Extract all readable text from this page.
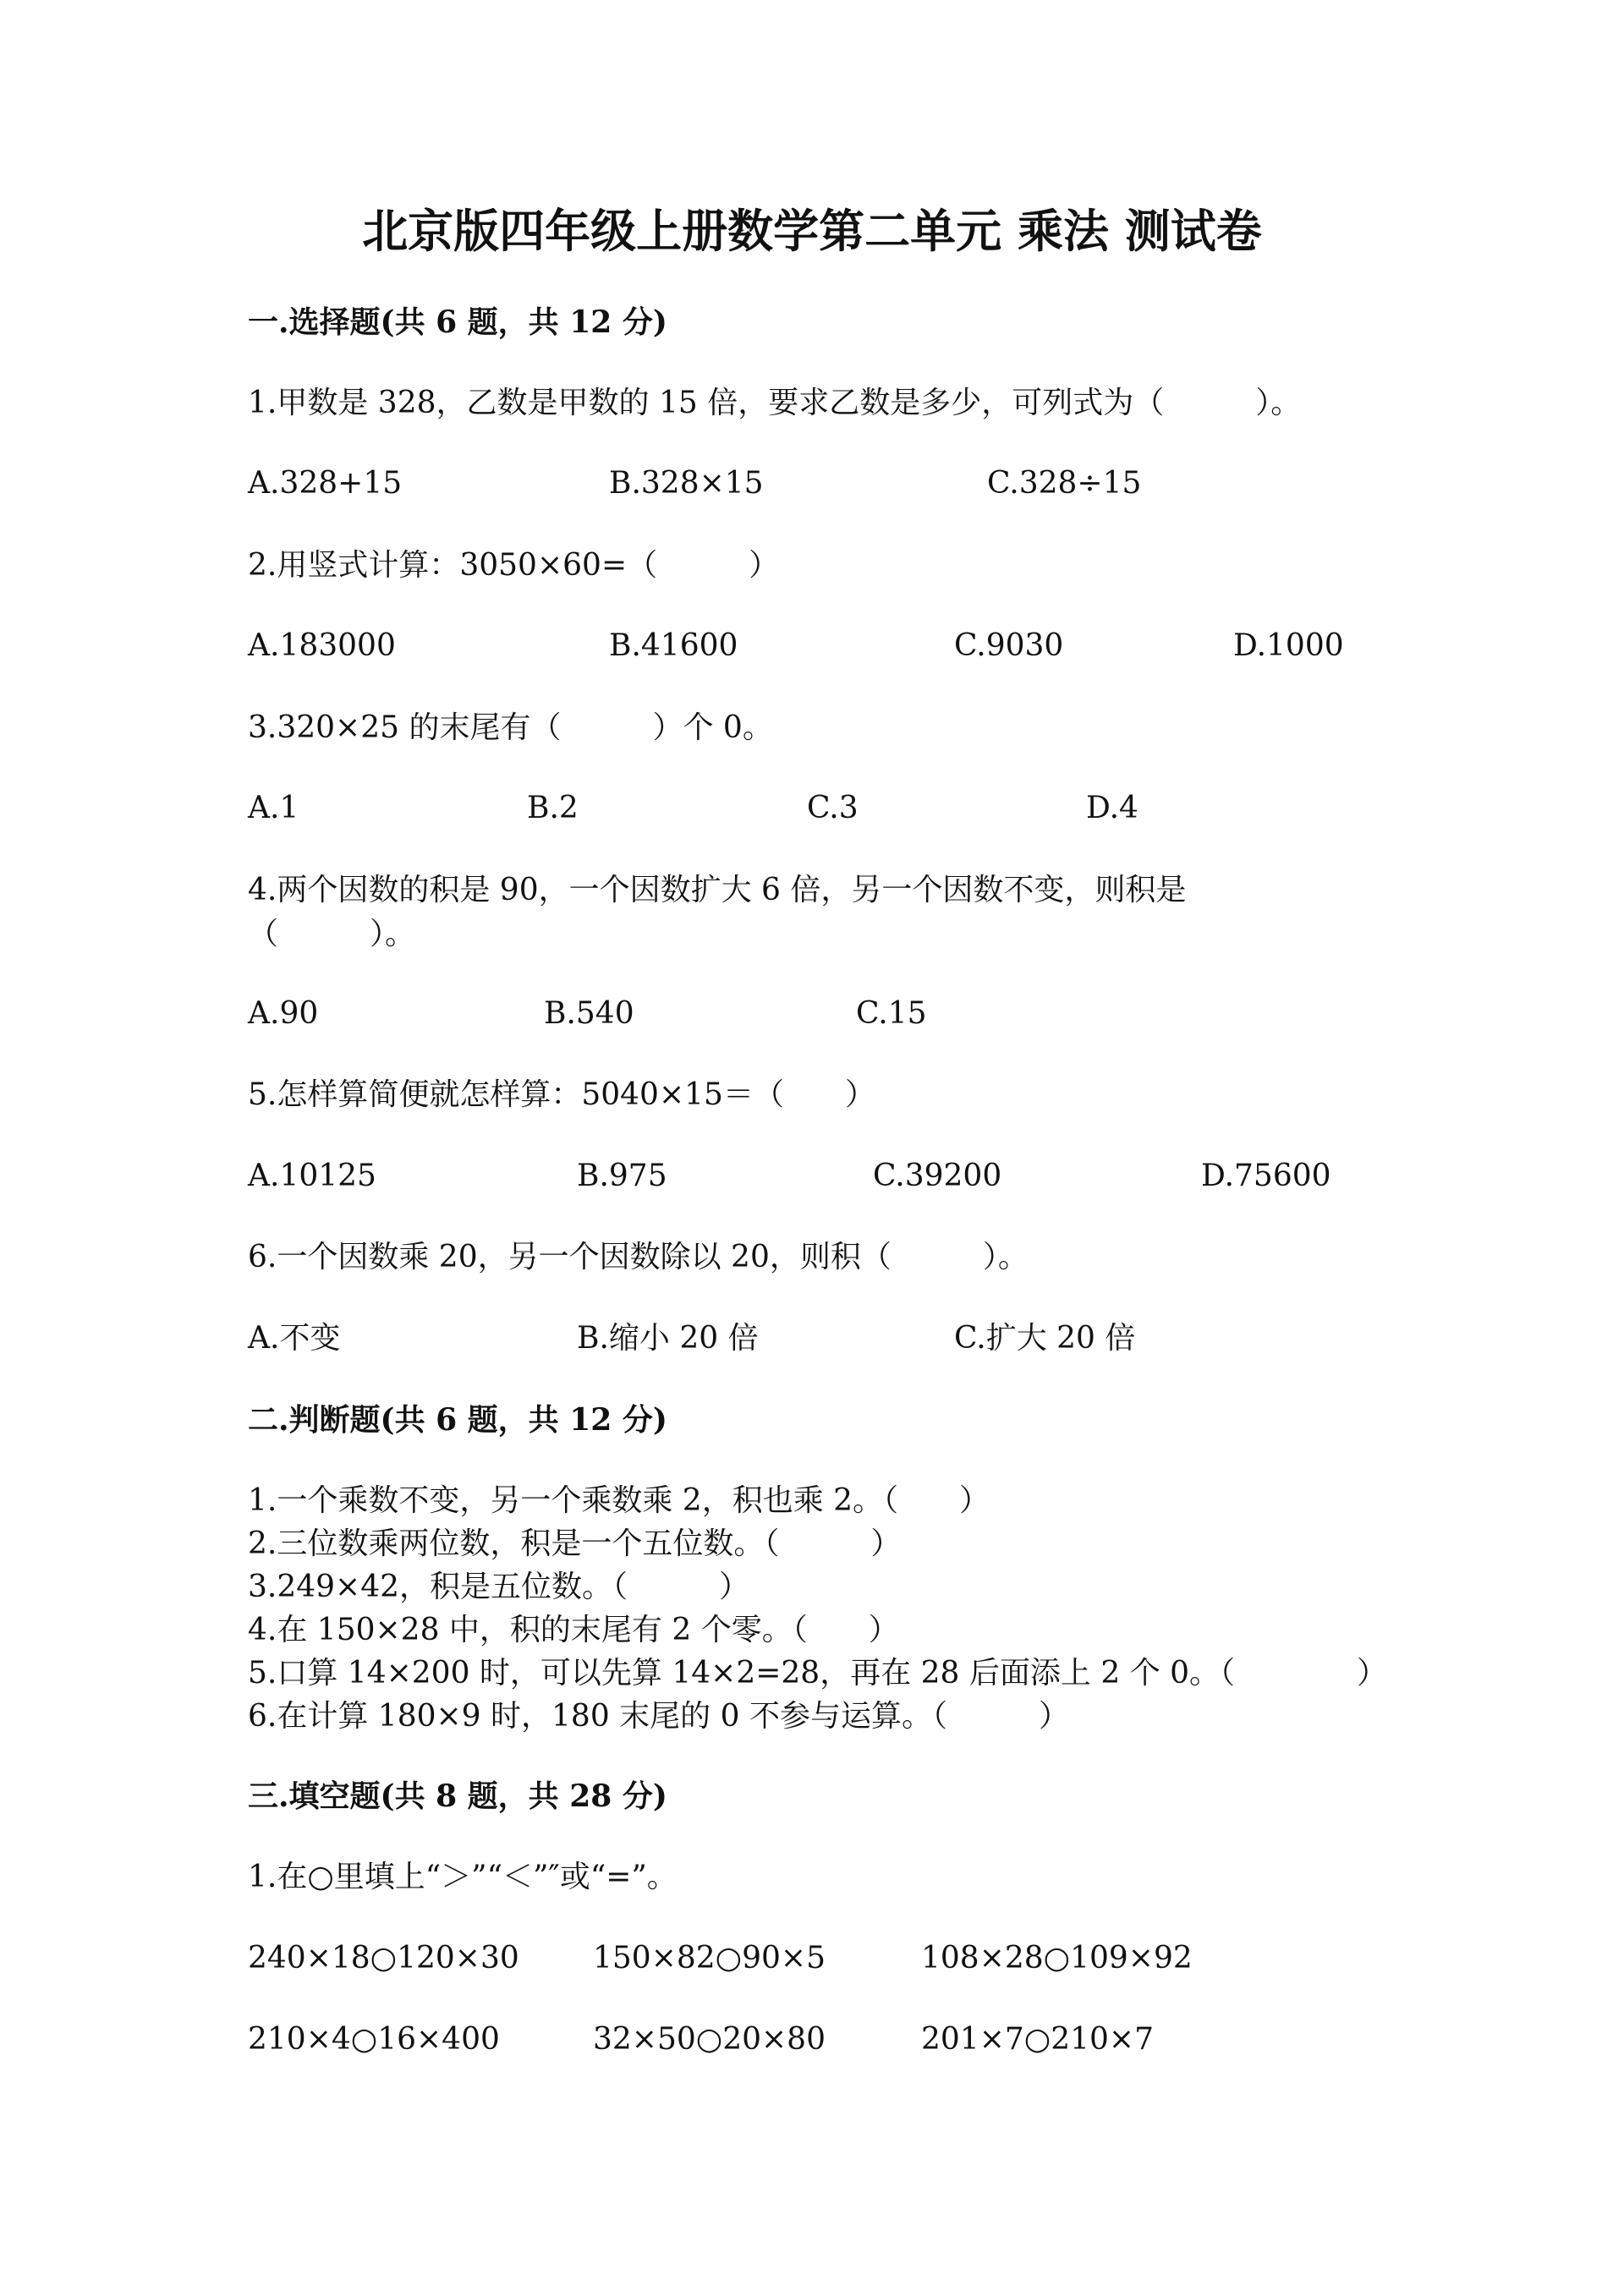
北京版四年级上册数学第二单元 乘法 测试卷
一.选择题(共 6 题，共 12 分)
1.甲数是 328，乙数是甲数的 15 倍，要求乙数是多少，可列式为（　　　）。
A.328+15	B.328×15	C.328÷15
2.用竖式计算：3050×60=（　　　）
A.183000	B.41600	C.9030	D.1000
3.320×25 的末尾有（　　　）个 0。
A.1	B.2	C.3	D.4
4.两个因数的积是 90，一个因数扩大 6 倍，另一个因数不变，则积是
（　　　）。
A.90	B.540	C.15
5.怎样算简便就怎样算：5040×15＝（　　）
A.10125	B.975	C.39200	D.75600
6.一个因数乘 20，另一个因数除以 20，则积（　　　）。
A.不变	B.缩小 20 倍	C.扩大 20 倍
二.判断题(共 6 题，共 12 分)
1.一个乘数不变，另一个乘数乘 2，积也乘 2。（　　）
2.三位数乘两位数，积是一个五位数。（　　　）
3.249×42，积是五位数。（　　　）
4.在 150×28 中，积的末尾有 2 个零。（　　）
5.口算 14×200 时，可以先算 14×2=28，再在 28 后面添上 2 个 0。（　　　　）
6.在计算 180×9 时，180 末尾的 0 不参与运算。（　　　）
三.填空题(共 8 题，共 28 分)
1.在○里填上“＞”“＜”″或“=”。
240×18○120×30 150×82○90×5	108×28○109×92
210×4○16×400	32×50○20×80	201×7○210×7
